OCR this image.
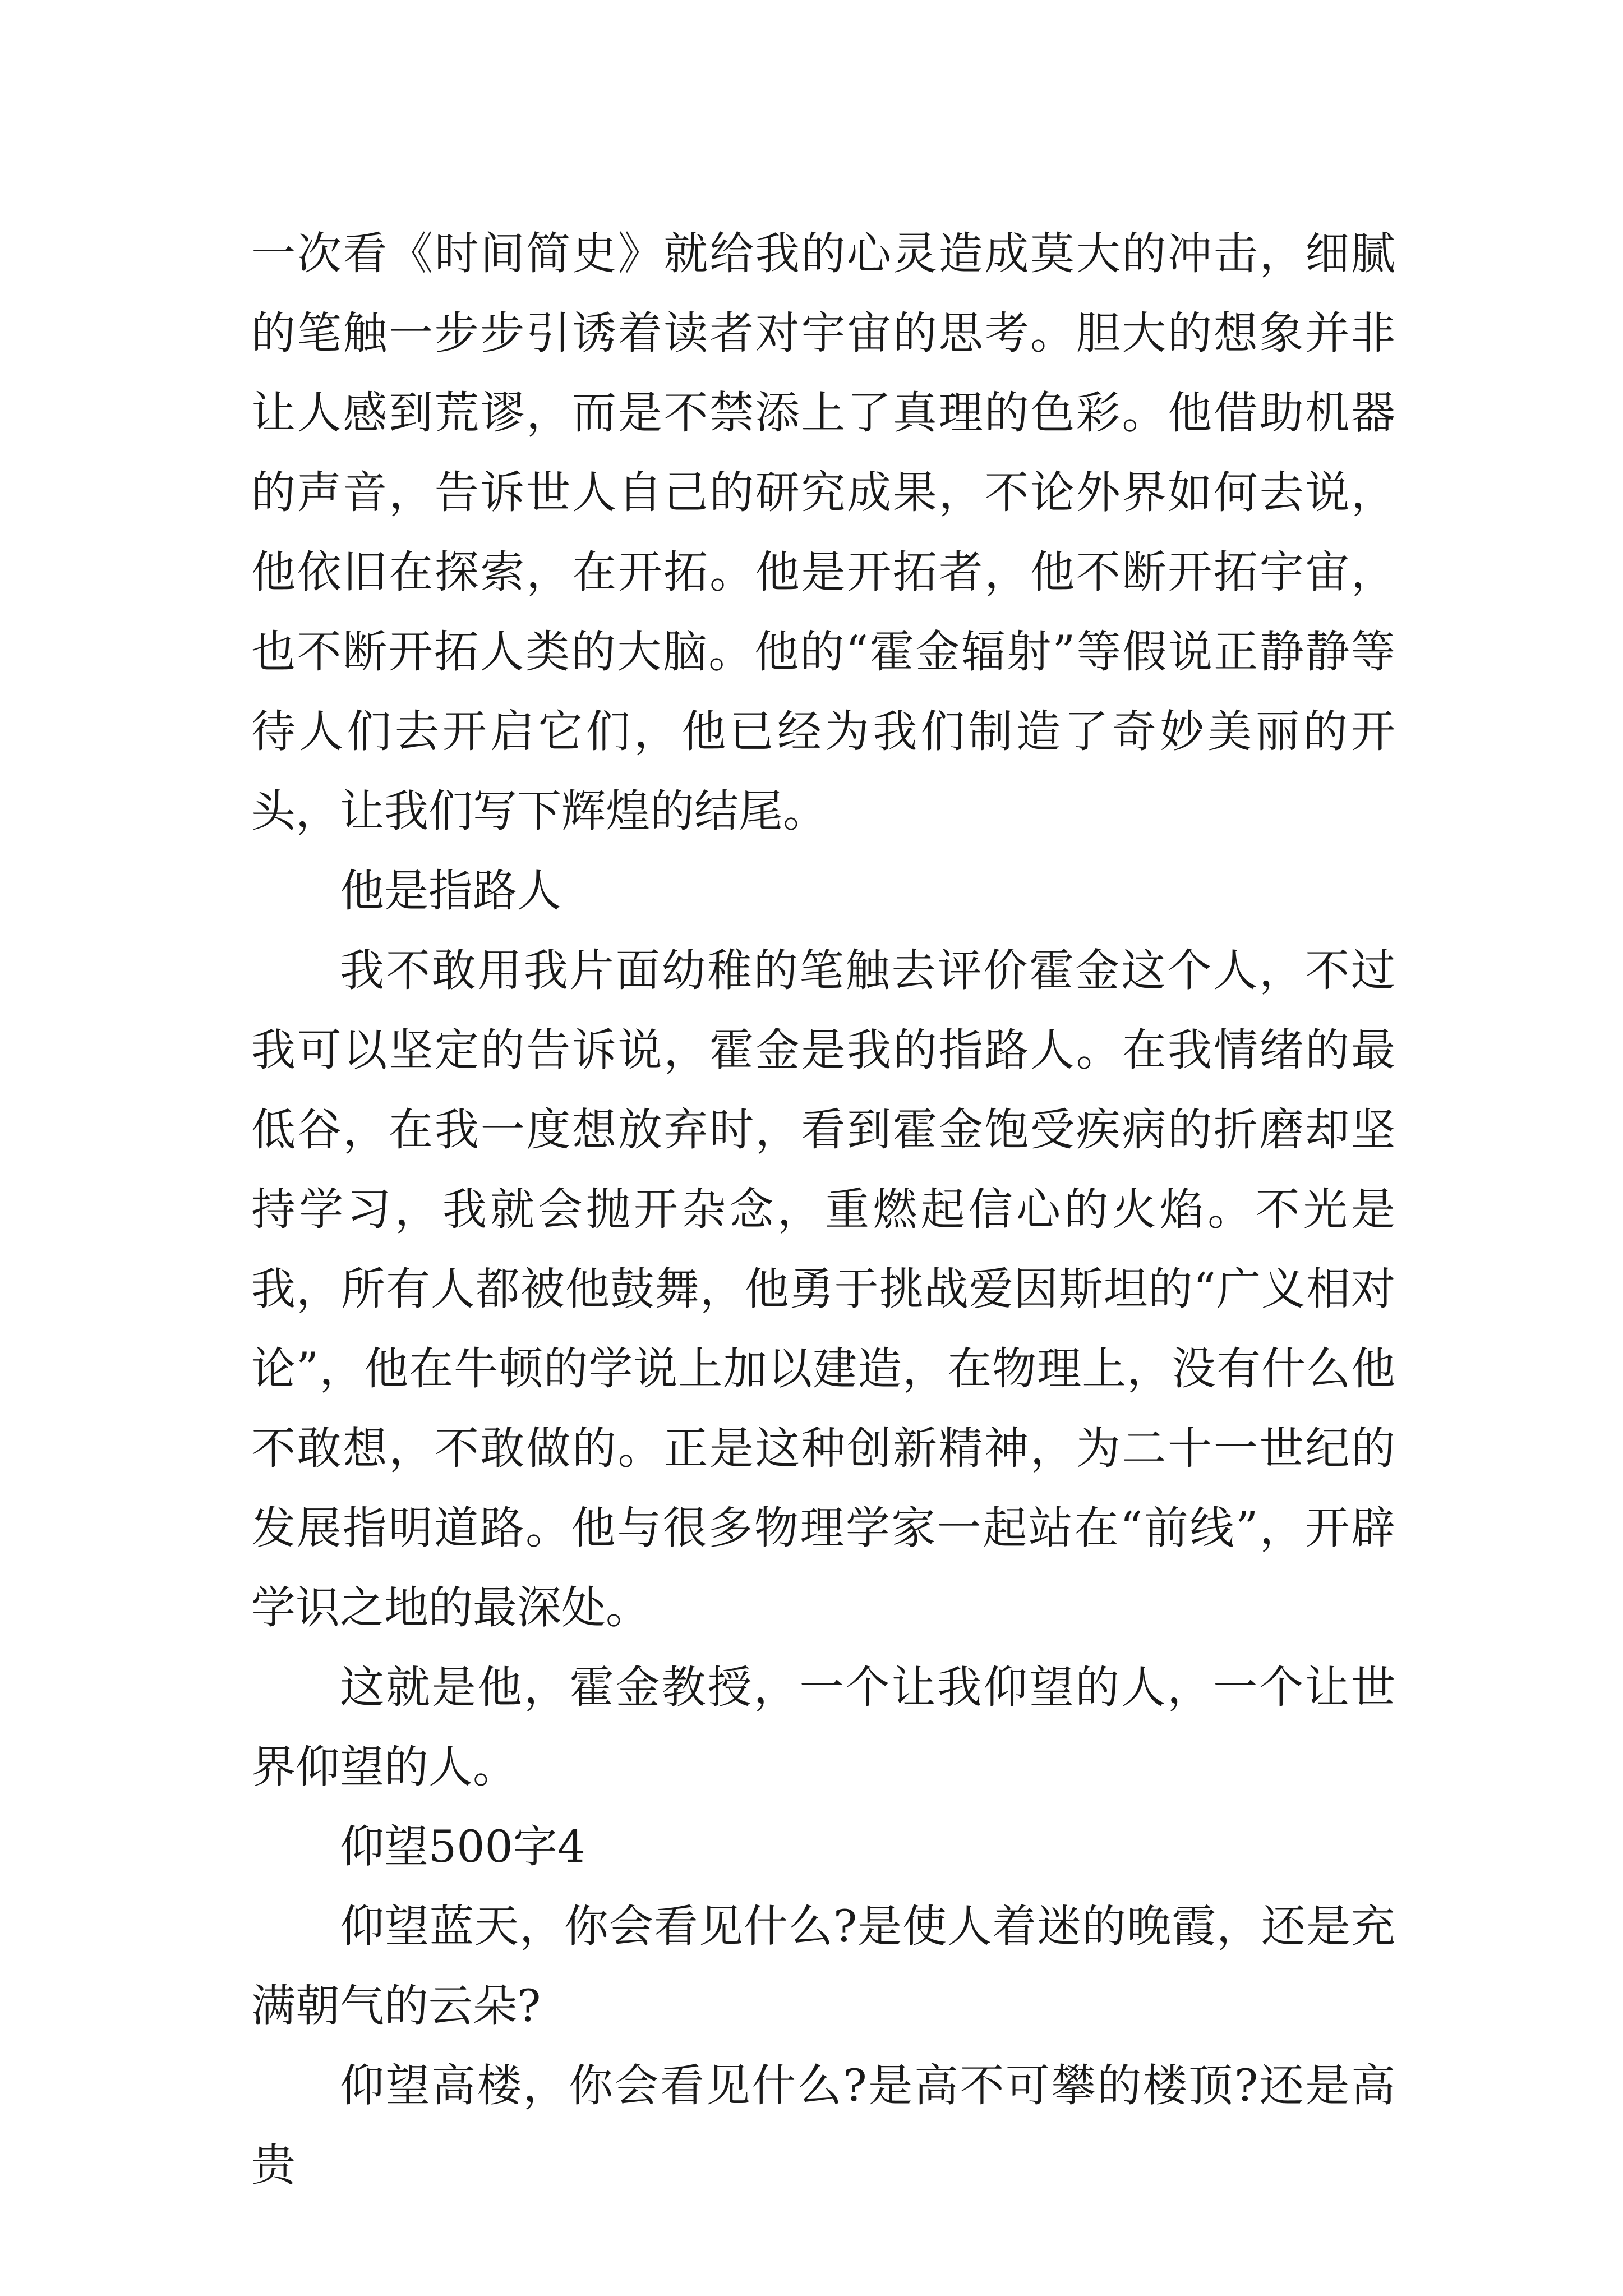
一次看《时间简史》就给我的心灵造成莫大的冲击，细腻的笔触一步步引诱着读者对宇宙的思考。胆大的想象并非让人感到荒谬，而是不禁添上了真理的色彩。他借助机器的声音，告诉世人自己的研究成果，不论外界如何去说，他依旧在探索，在开拓。他是开拓者，他不断开拓宇宙，也不断开拓人类的大脑。他的“霍金辐射”等假说正静静等待人们去开启它们，他已经为我们制造了奇妙美丽的开头，让我们写下辉煌的结尾。

他是指路人

我不敢用我片面幼稚的笔触去评价霍金这个人，不过我可以坚定的告诉说，霍金是我的指路人。在我情绪的最低谷，在我一度想放弃时，看到霍金饱受疾病的折磨却坚持学习，我就会抛开杂念，重燃起信心的火焰。不光是我，所有人都被他鼓舞，他勇于挑战爱因斯坦的“广义相对论”，他在牛顿的学说上加以建造，在物理上，没有什么他不敢想，不敢做的。正是这种创新精神，为二十一世纪的发展指明道路。他与很多物理学家一起站在“前线”，开辟学识之地的最深处。

这就是他，霍金教授，一个让我仰望的人，一个让世界仰望的人。

仰望500字4

仰望蓝天，你会看见什么?是使人着迷的晚霞，还是充满朝气的云朵?

仰望高楼，你会看见什么?是高不可攀的楼顶?还是高贵
